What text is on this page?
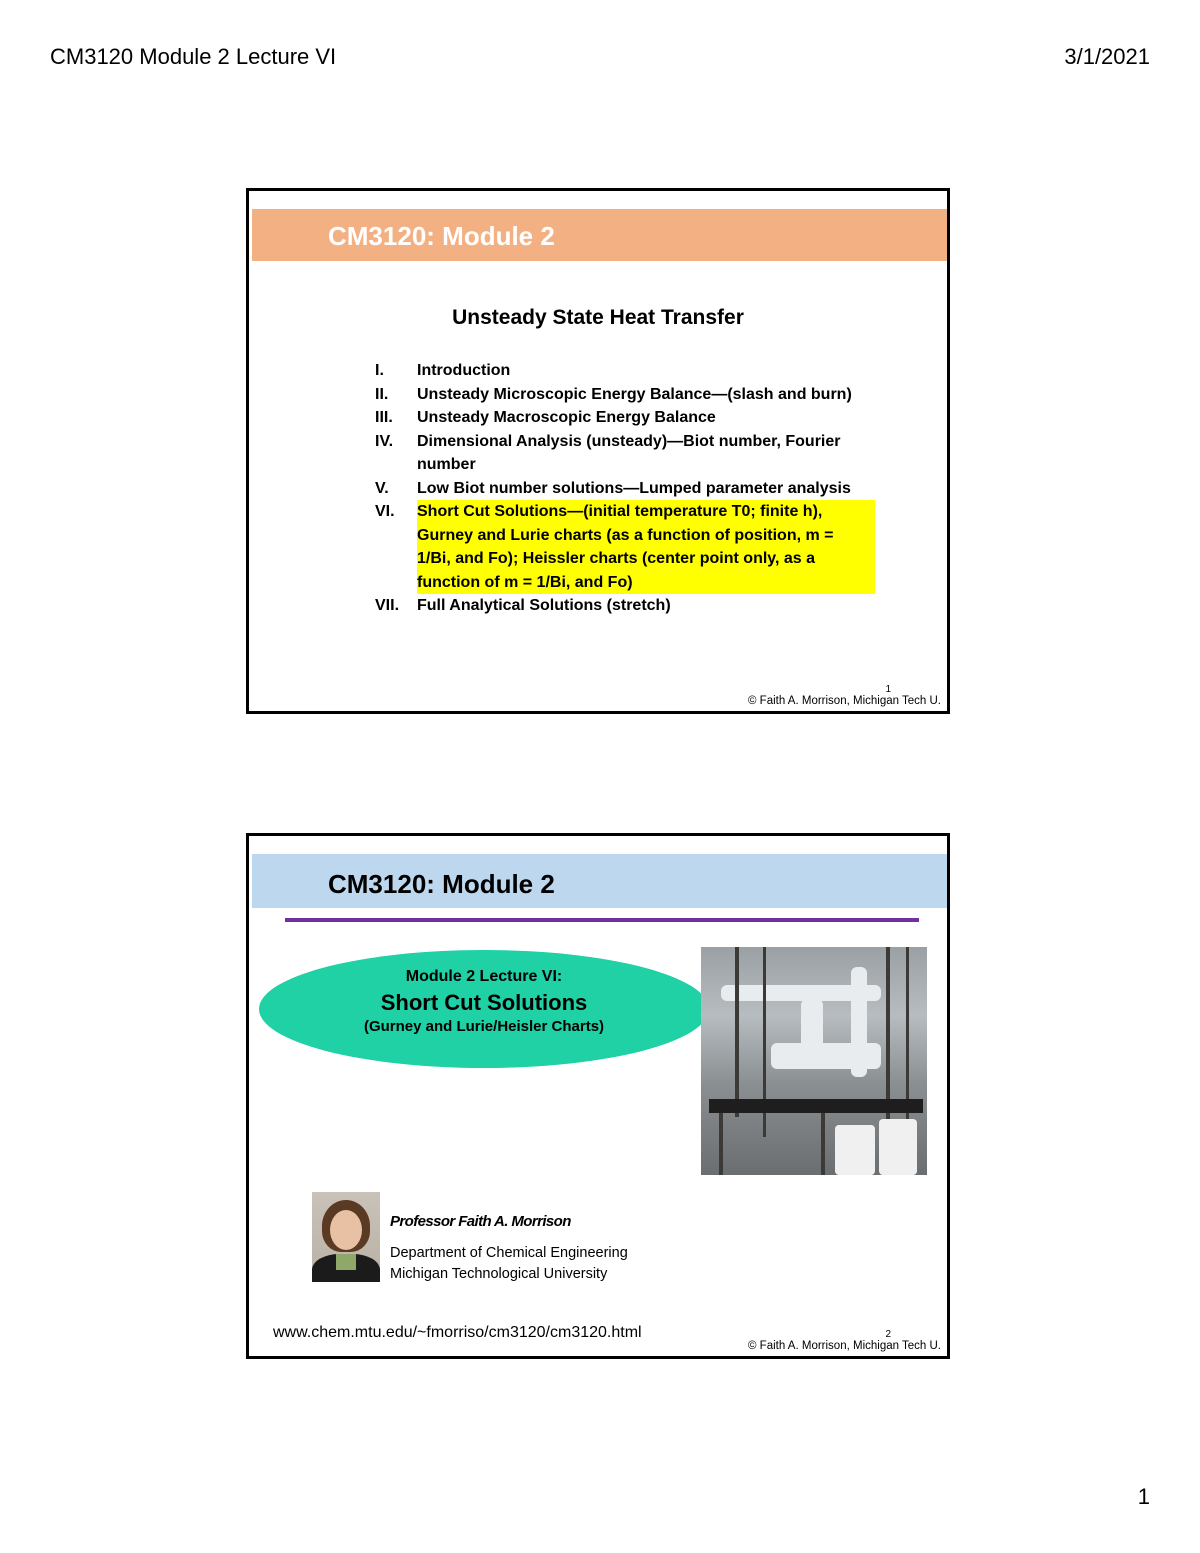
CM3120 Module 2 Lecture VI	3/1/2021
CM3120: Module 2
Unsteady State Heat Transfer
I.	Introduction
II.	Unsteady Microscopic Energy Balance—(slash and burn)
III.	Unsteady Macroscopic Energy Balance
IV.	Dimensional Analysis (unsteady)—Biot number, Fourier number
V.	Low Biot number solutions—Lumped parameter analysis
VI.	Short Cut Solutions—(initial temperature T0; finite h), Gurney and Lurie charts (as a function of position, m = 1/Bi, and Fo); Heissler charts (center point only, as a function of m = 1/Bi, and Fo)
VII.	Full Analytical Solutions (stretch)
1
© Faith A. Morrison, Michigan Tech U.
CM3120: Module 2
Module 2 Lecture VI:
Short Cut Solutions
(Gurney and Lurie/Heisler Charts)
Professor Faith A. Morrison
Department of Chemical Engineering
Michigan Technological University
www.chem.mtu.edu/~fmorriso/cm3120/cm3120.html	2
© Faith A. Morrison, Michigan Tech U.
1
